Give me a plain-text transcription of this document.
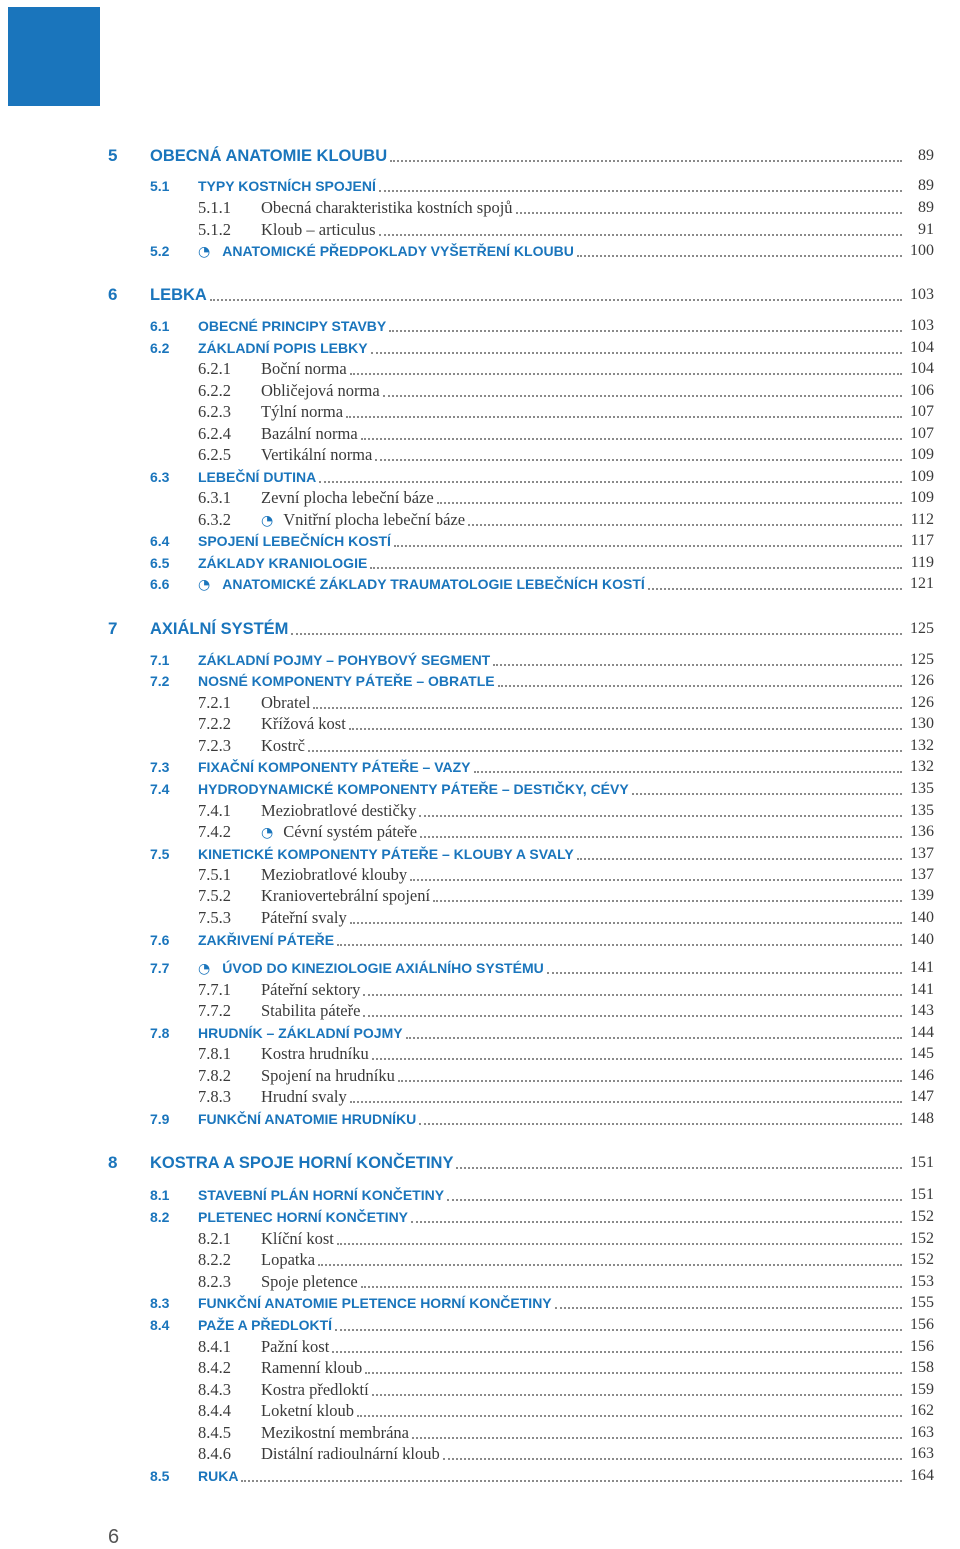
5 OBECNÁ ANATOMIE KLOUBU	89
5.1 TYPY KOSTNÍCH SPOJENÍ	89
5.1.1 Obecná charakteristika kostních spojů	89
5.1.2 Kloub – articulus	91
5.2 ◔ ANATOMICKÉ PŘEDPOKLADY VYŠETŘENÍ KLOUBU	100
6 LEBKA	103
6.1 OBECNÉ PRINCIPY STAVBY	103
6.2 ZÁKLADNÍ POPIS LEBKY	104
6.2.1 Boční norma	104
6.2.2 Obličejová norma	106
6.2.3 Týlní norma	107
6.2.4 Bazální norma	107
6.2.5 Vertikální norma	109
6.3 LEBEČNÍ DUTINA	109
6.3.1 Zevní plocha lebeční báze	109
6.3.2 ◔ Vnitřní plocha lebeční báze	112
6.4 SPOJENÍ LEBEČNÍCH KOSTÍ	117
6.5 ZÁKLADY KRANIOLOGIE	119
6.6 ◔ ANATOMICKÉ ZÁKLADY TRAUMATOLOGIE LEBEČNÍCH KOSTÍ	121
7 AXIÁLNÍ SYSTÉM	125
7.1 ZÁKLADNÍ POJMY – POHYBOVÝ SEGMENT	125
7.2 NOSNÉ KOMPONENTY PÁTEŘE – OBRATLE	126
7.2.1 Obratel	126
7.2.2 Křížová kost	130
7.2.3 Kostrč	132
7.3 FIXAČNÍ KOMPONENTY PÁTEŘE – VAZY	132
7.4 HYDRODYNAMICKÉ KOMPONENTY PÁTEŘE – DESTIČKY, CÉVY	135
7.4.1 Meziobratlové destičky	135
7.4.2 ◔ Cévní systém páteře	136
7.5 KINETICKÉ KOMPONENTY PÁTEŘE – KLOUBY A SVALY	137
7.5.1 Meziobratlové klouby	137
7.5.2 Kraniovertebrální spojení	139
7.5.3 Páteřní svaly	140
7.6 ZAKŘIVENÍ PÁTEŘE	140
7.7 ◔ ÚVOD DO KINEZIOLOGIE AXIÁLNÍHO SYSTÉMU	141
7.7.1 Páteřní sektory	141
7.7.2 Stabilita páteře	143
7.8 HRUDNÍK – ZÁKLADNÍ POJMY	144
7.8.1 Kostra hrudníku	145
7.8.2 Spojení na hrudníku	146
7.8.3 Hrudní svaly	147
7.9 FUNKČNÍ ANATOMIE HRUDNÍKU	148
8 KOSTRA A SPOJE HORNÍ KONČETINY	151
8.1 STAVEBNÍ PLÁN HORNÍ KONČETINY	151
8.2 PLETENEC HORNÍ KONČETINY	152
8.2.1 Klíční kost	152
8.2.2 Lopatka	152
8.2.3 Spoje pletence	153
8.3 FUNKČNÍ ANATOMIE PLETENCE HORNÍ KONČETINY	155
8.4 PAŽE A PŘEDLOKTÍ	156
8.4.1 Pažní kost	156
8.4.2 Ramenní kloub	158
8.4.3 Kostra předloktí	159
8.4.4 Loketní kloub	162
8.4.5 Mezikostní membrána	163
8.4.6 Distální radioulnární kloub	163
8.5 RUKA	164
6
